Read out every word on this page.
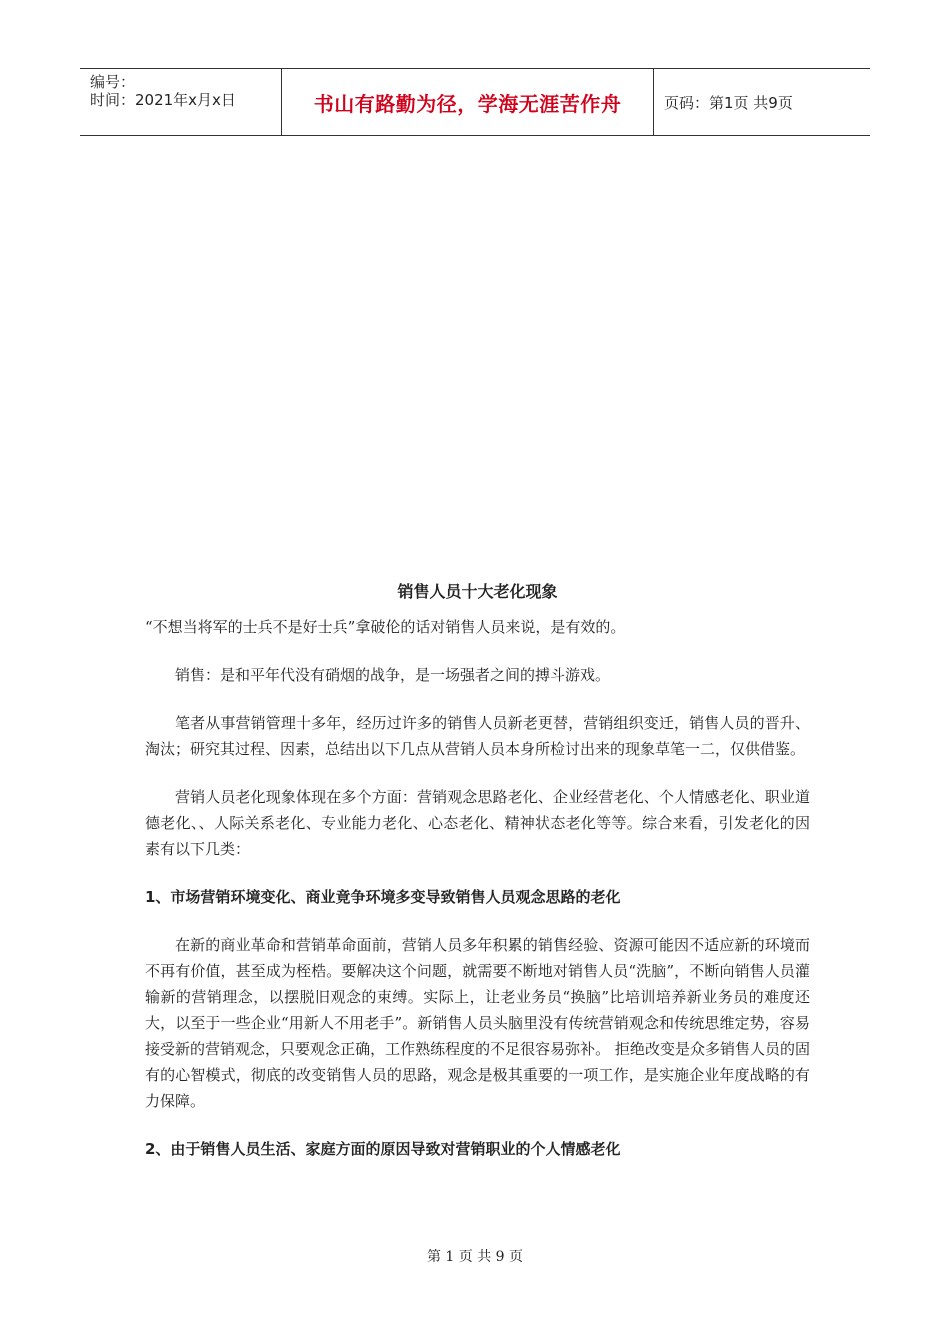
编号：
时间：2021年x月x日	书山有路勤为径，学海无涯苦作舟	页码：第1页 共9页
销售人员十大老化现象

“不想当将军的士兵不是好士兵”拿破伦的话对销售人员来说，是有效的。

销售：是和平年代没有硝烟的战争，是一场强者之间的搏斗游戏。

笔者从事营销管理十多年，经历过许多的销售人员新老更替，营销组织变迁，销售人员的晋升、淘汰；研究其过程、因素，总结出以下几点从营销人员本身所检讨出来的现象草笔一二，仅供借鉴。

营销人员老化现象体现在多个方面：营销观念思路老化、企业经营老化、个人情感老化、职业道德老化、、人际关系老化、专业能力老化、心态老化、精神状态老化等等。综合来看，引发老化的因素有以下几类：

1、市场营销环境变化、商业竟争环境多变导致销售人员观念思路的老化

在新的商业革命和营销革命面前，营销人员多年积累的销售经验、资源可能因不适应新的环境而不再有价值，甚至成为桎梏。要解决这个问题，就需要不断地对销售人员“洗脑”，不断向销售人员灌输新的营销理念，以摆脱旧观念的束缚。实际上，让老业务员“换脑”比培训培养新业务员的难度还大，以至于一些企业“用新人不用老手”。新销售人员头脑里没有传统营销观念和传统思维定势，容易接受新的营销观念，只要观念正确，工作熟练程度的不足很容易弥补。 拒绝改变是众多销售人员的固有的心智模式，彻底的改变销售人员的思路，观念是极其重要的一项工作，是实施企业年度战略的有力保障。

2、由于销售人员生活、家庭方面的原因导致对营销职业的个人情感老化

第 1 页 共 9 页
